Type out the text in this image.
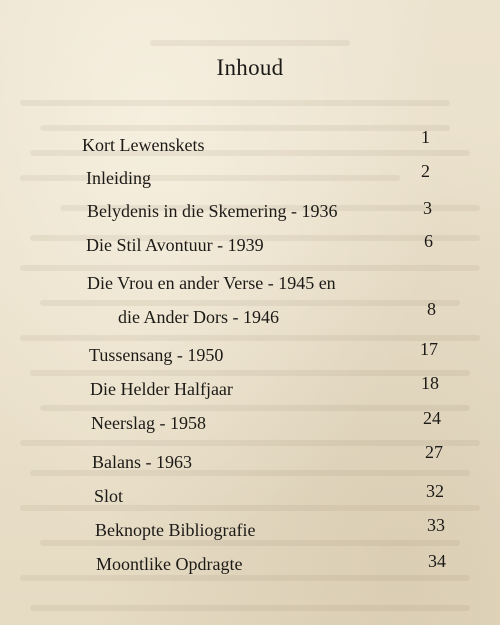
Inhoud
Kort Lewenskets	1
Inleiding	2
Belydenis in die Skemering - 1936	3
Die Stil Avontuur - 1939	6
Die Vrou en ander Verse - 1945 en
die Ander Dors - 1946	8
Tussensang - 1950	17
Die Helder Halfjaar	18
Neerslag - 1958	24
Balans - 1963	27
Slot	32
Beknopte Bibliografie	33
Moontlike Opdragte	34
